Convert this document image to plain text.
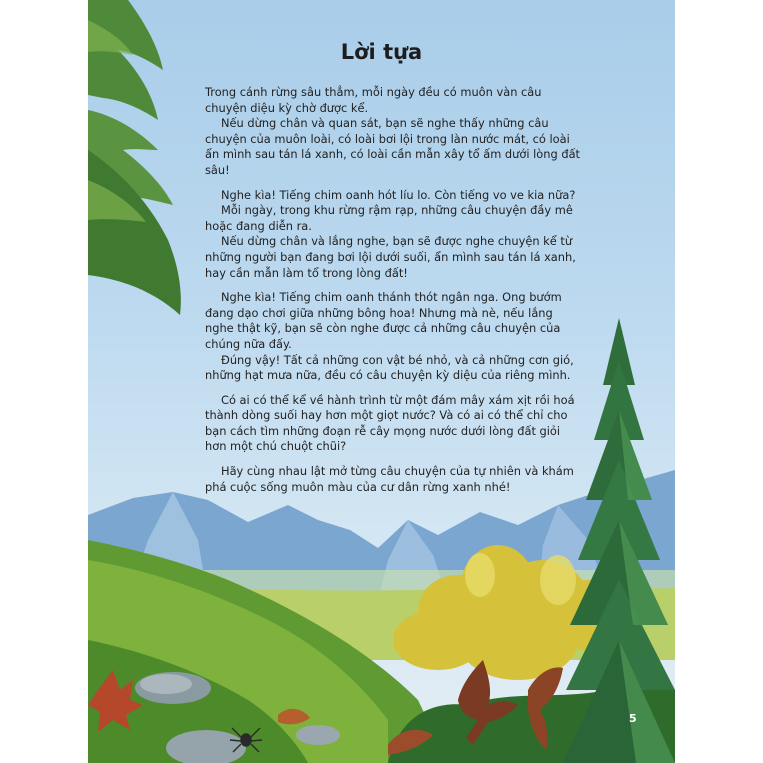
Lời tựa

Trong cánh rừng sâu thẳm, mỗi ngày đều có muôn vàn câu chuyện diệu kỳ chờ được kể.

Nếu dừng chân và quan sát, bạn sẽ nghe thấy những câu chuyện của muôn loài, có loài bơi lội trong làn nước mát, có loài ẩn mình sau tán lá xanh, có loài cần mẫn xây tổ ấm dưới lòng đất sâu!

Nghe kìa! Tiếng chim oanh hót líu lo. Còn tiếng vo ve kia nữa?

Mỗi ngày, trong khu rừng rậm rạp, những câu chuyện đầy mê hoặc đang diễn ra.

Nếu dừng chân và lắng nghe, bạn sẽ được nghe chuyện kể từ những người bạn đang bơi lội dưới suối, ẩn mình sau tán lá xanh, hay cần mẫn làm tổ trong lòng đất!

Nghe kìa! Tiếng chim oanh thánh thót ngân nga. Ong bướm đang dạo chơi giữa những bông hoa! Nhưng mà nè, nếu lắng nghe thật kỹ, bạn sẽ còn nghe được cả những câu chuyện của chúng nữa đấy.

Đúng vậy! Tất cả những con vật bé nhỏ, và cả những cơn gió, những hạt mưa nữa, đều có câu chuyện kỳ diệu của riêng mình.

Có ai có thể kể về hành trình từ một đám mây xám xịt rồi hoá thành dòng suối hay hơn một giọt nước? Và có ai có thể chỉ cho bạn cách tìm những đoạn rễ cây mọng nước dưới lòng đất giỏi hơn một chú chuột chũi?

Hãy cùng nhau lật mở từng câu chuyện của tự nhiên và khám phá cuộc sống muôn màu của cư dân rừng xanh nhé!

5
